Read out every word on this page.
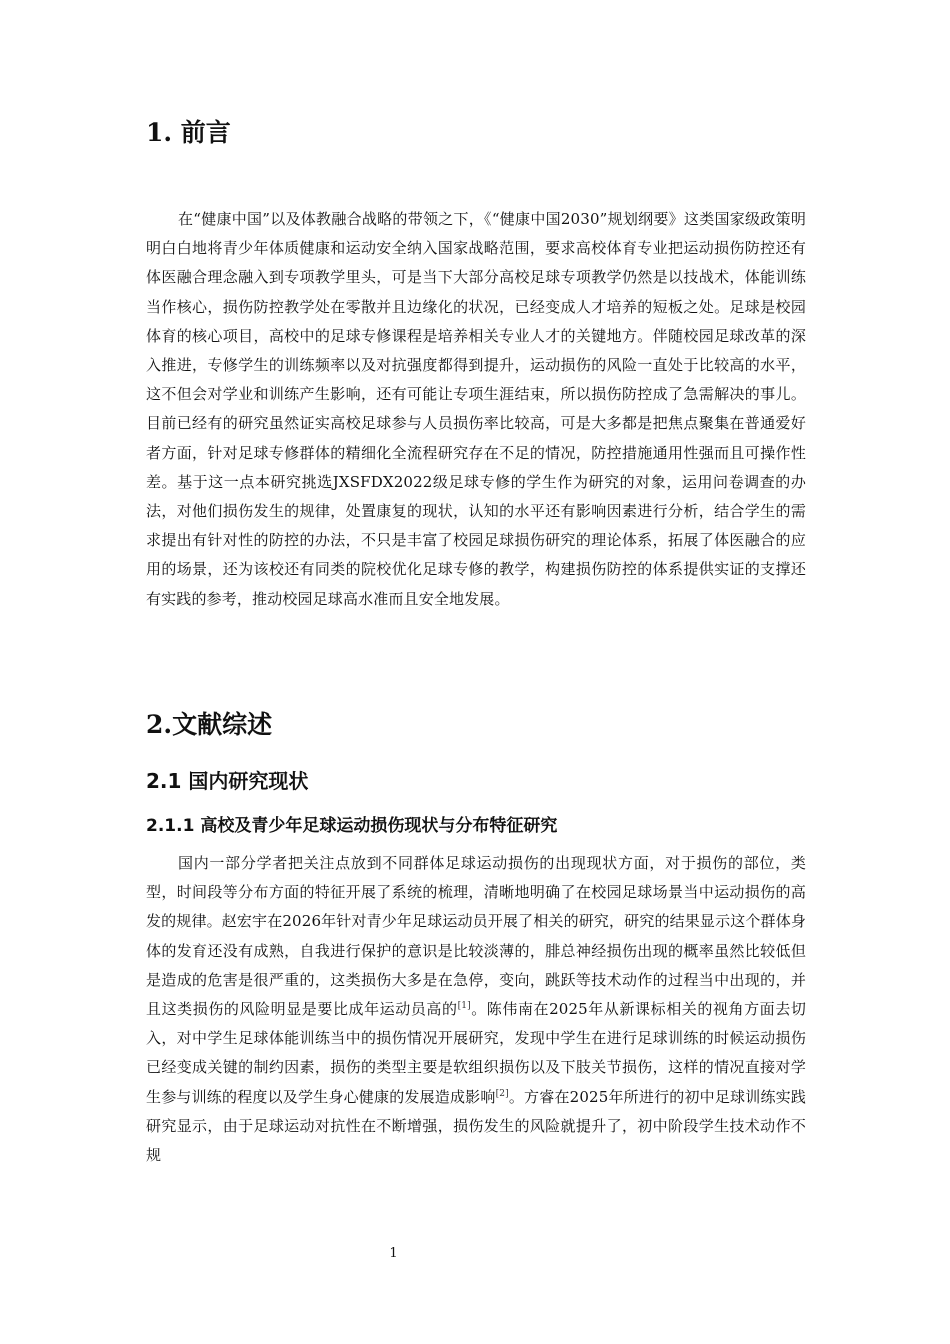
1. 前言

在“健康中国”以及体教融合战略的带领之下，《“健康中国2030”规划纲要》这类国家级政策明明白白地将青少年体质健康和运动安全纳入国家战略范围，要求高校体育专业把运动损伤防控还有体医融合理念融入到专项教学里头，可是当下大部分高校足球专项教学仍然是以技战术，体能训练当作核心，损伤防控教学处在零散并且边缘化的状况，已经变成人才培养的短板之处。足球是校园体育的核心项目，高校中的足球专修课程是培养相关专业人才的关键地方。伴随校园足球改革的深入推进，专修学生的训练频率以及对抗强度都得到提升，运动损伤的风险一直处于比较高的水平，这不但会对学业和训练产生影响，还有可能让专项生涯结束，所以损伤防控成了急需解决的事儿。目前已经有的研究虽然证实高校足球参与人员损伤率比较高，可是大多都是把焦点聚集在普通爱好者方面，针对足球专修群体的精细化全流程研究存在不足的情况，防控措施通用性强而且可操作性差。基于这一点本研究挑选JXSFDX2022级足球专修的学生作为研究的对象，运用问卷调查的办法，对他们损伤发生的规律，处置康复的现状，认知的水平还有影响因素进行分析，结合学生的需求提出有针对性的防控的办法，不只是丰富了校园足球损伤研究的理论体系，拓展了体医融合的应用的场景，还为该校还有同类的院校优化足球专修的教学，构建损伤防控的体系提供实证的支撑还有实践的参考，推动校园足球高水准而且安全地发展。

2.文献综述
2.1 国内研究现状
2.1.1 高校及青少年足球运动损伤现状与分布特征研究

国内一部分学者把关注点放到不同群体足球运动损伤的出现现状方面，对于损伤的部位，类型，时间段等分布方面的特征开展了系统的梳理，清晰地明确了在校园足球场景当中运动损伤的高发的规律。赵宏宇在2026年针对青少年足球运动员开展了相关的研究，研究的结果显示这个群体身体的发育还没有成熟，自我进行保护的意识是比较淡薄的，腓总神经损伤出现的概率虽然比较低但是造成的危害是很严重的，这类损伤大多是在急停，变向，跳跃等技术动作的过程当中出现的，并且这类损伤的风险明显是要比成年运动员高的[1]。陈伟南在2025年从新课标相关的视角方面去切入，对中学生足球体能训练当中的损伤情况开展研究，发现中学生在进行足球训练的时候运动损伤已经变成关键的制约因素，损伤的类型主要是软组织损伤以及下肢关节损伤，这样的情况直接对学生参与训练的程度以及学生身心健康的发展造成影响[2]。方睿在2025年所进行的初中足球训练实践研究显示，由于足球运动对抗性在不断增强，损伤发生的风险就提升了，初中阶段学生技术动作不规

1
